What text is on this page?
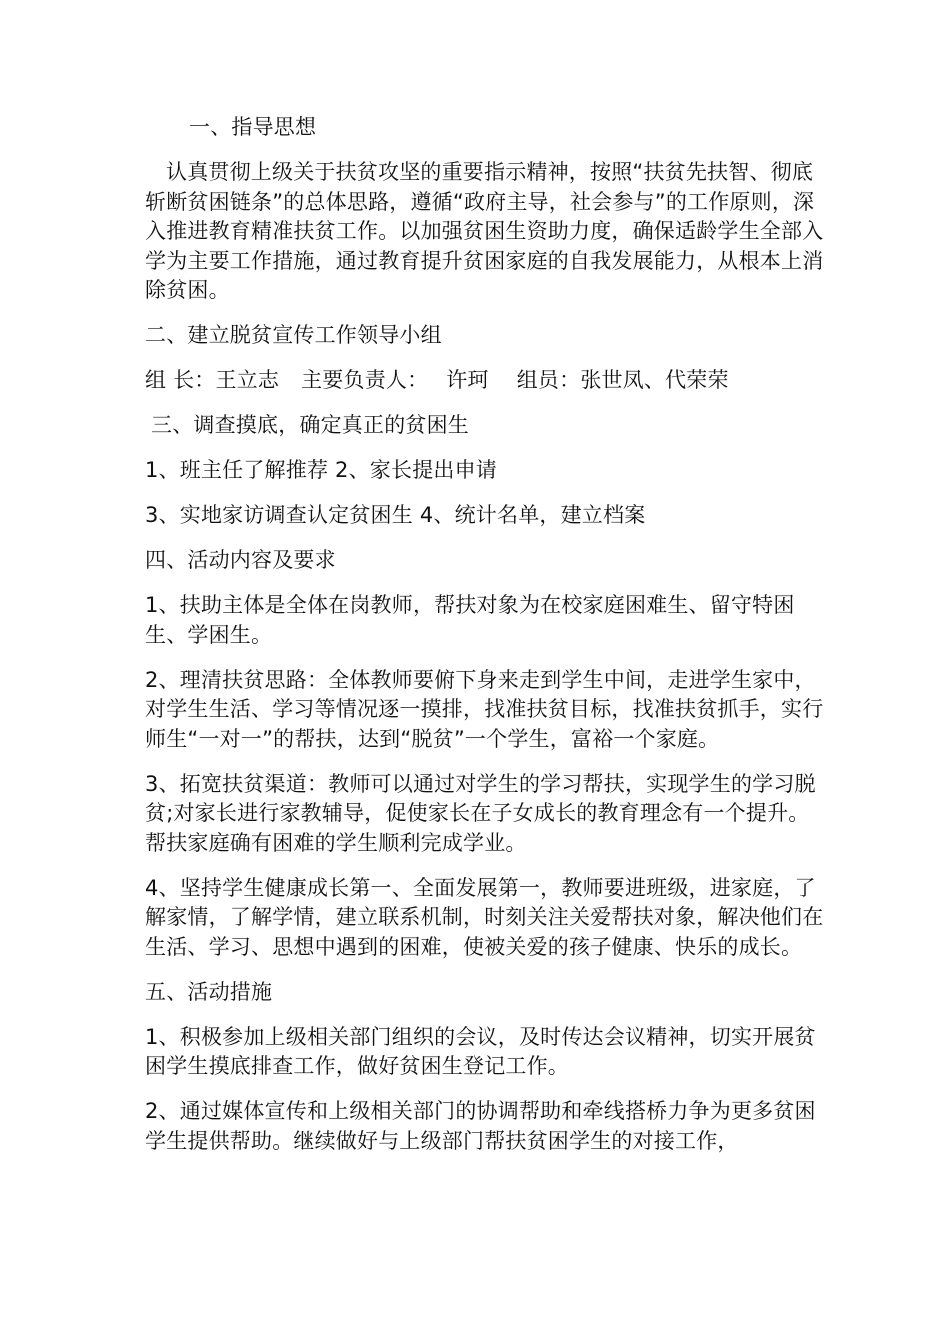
一、指导思想

认真贯彻上级关于扶贫攻坚的重要指示精神，按照“扶贫先扶智、彻底斩断贫困链条”的总体思路，遵循“政府主导，社会参与”的工作原则，深入推进教育精准扶贫工作。以加强贫困生资助力度，确保适龄学生全部入学为主要工作措施，通过教育提升贫困家庭的自我发展能力，从根本上消除贫困。

二、建立脱贫宣传工作领导小组

组 长：王立志 主要负责人： 许珂 组员：张世凤、代荣荣

三、调查摸底，确定真正的贫困生

1、班主任了解推荐 2、家长提出申请

3、实地家访调查认定贫困生 4、统计名单，建立档案

四、活动内容及要求

1、扶助主体是全体在岗教师，帮扶对象为在校家庭困难生、留守特困生、学困生。

2、理清扶贫思路：全体教师要俯下身来走到学生中间，走进学生家中，对学生生活、学习等情况逐一摸排，找准扶贫目标，找准扶贫抓手，实行师生“一对一”的帮扶，达到“脱贫”一个学生，富裕一个家庭。

3、拓宽扶贫渠道：教师可以通过对学生的学习帮扶，实现学生的学习脱贫;对家长进行家教辅导，促使家长在子女成长的教育理念有一个提升。帮扶家庭确有困难的学生顺利完成学业。

4、坚持学生健康成长第一、全面发展第一，教师要进班级，进家庭，了解家情，了解学情，建立联系机制，时刻关注关爱帮扶对象，解决他们在生活、学习、思想中遇到的困难，使被关爱的孩子健康、快乐的成长。

五、活动措施

1、积极参加上级相关部门组织的会议，及时传达会议精神，切实开展贫困学生摸底排查工作，做好贫困生登记工作。

2、通过媒体宣传和上级相关部门的协调帮助和牵线搭桥力争为更多贫困学生提供帮助。继续做好与上级部门帮扶贫困学生的对接工作，
